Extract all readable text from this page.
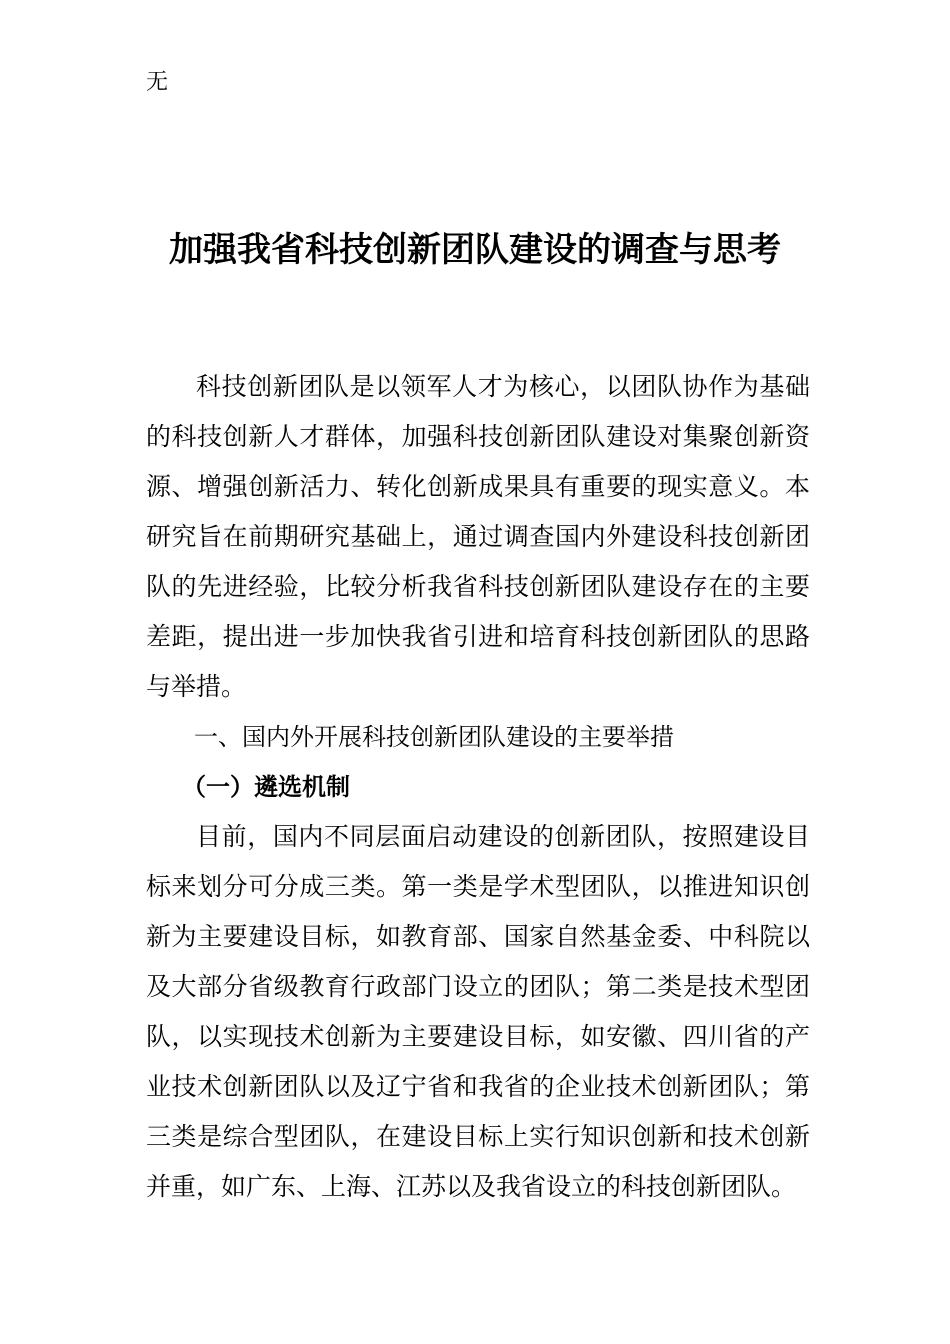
无

加强我省科技创新团队建设的调查与思考

科技创新团队是以领军人才为核心，以团队协作为基础的科技创新人才群体，加强科技创新团队建设对集聚创新资源、增强创新活力、转化创新成果具有重要的现实意义。本研究旨在前期研究基础上，通过调查国内外建设科技创新团队的先进经验，比较分析我省科技创新团队建设存在的主要差距，提出进一步加快我省引进和培育科技创新团队的思路与举措。

一、国内外开展科技创新团队建设的主要举措

（一）遴选机制

目前，国内不同层面启动建设的创新团队，按照建设目标来划分可分成三类。第一类是学术型团队，以推进知识创新为主要建设目标，如教育部、国家自然基金委、中科院以及大部分省级教育行政部门设立的团队；第二类是技术型团队，以实现技术创新为主要建设目标，如安徽、四川省的产业技术创新团队以及辽宁省和我省的企业技术创新团队；第三类是综合型团队，在建设目标上实行知识创新和技术创新并重，如广东、上海、江苏以及我省设立的科技创新团队。
